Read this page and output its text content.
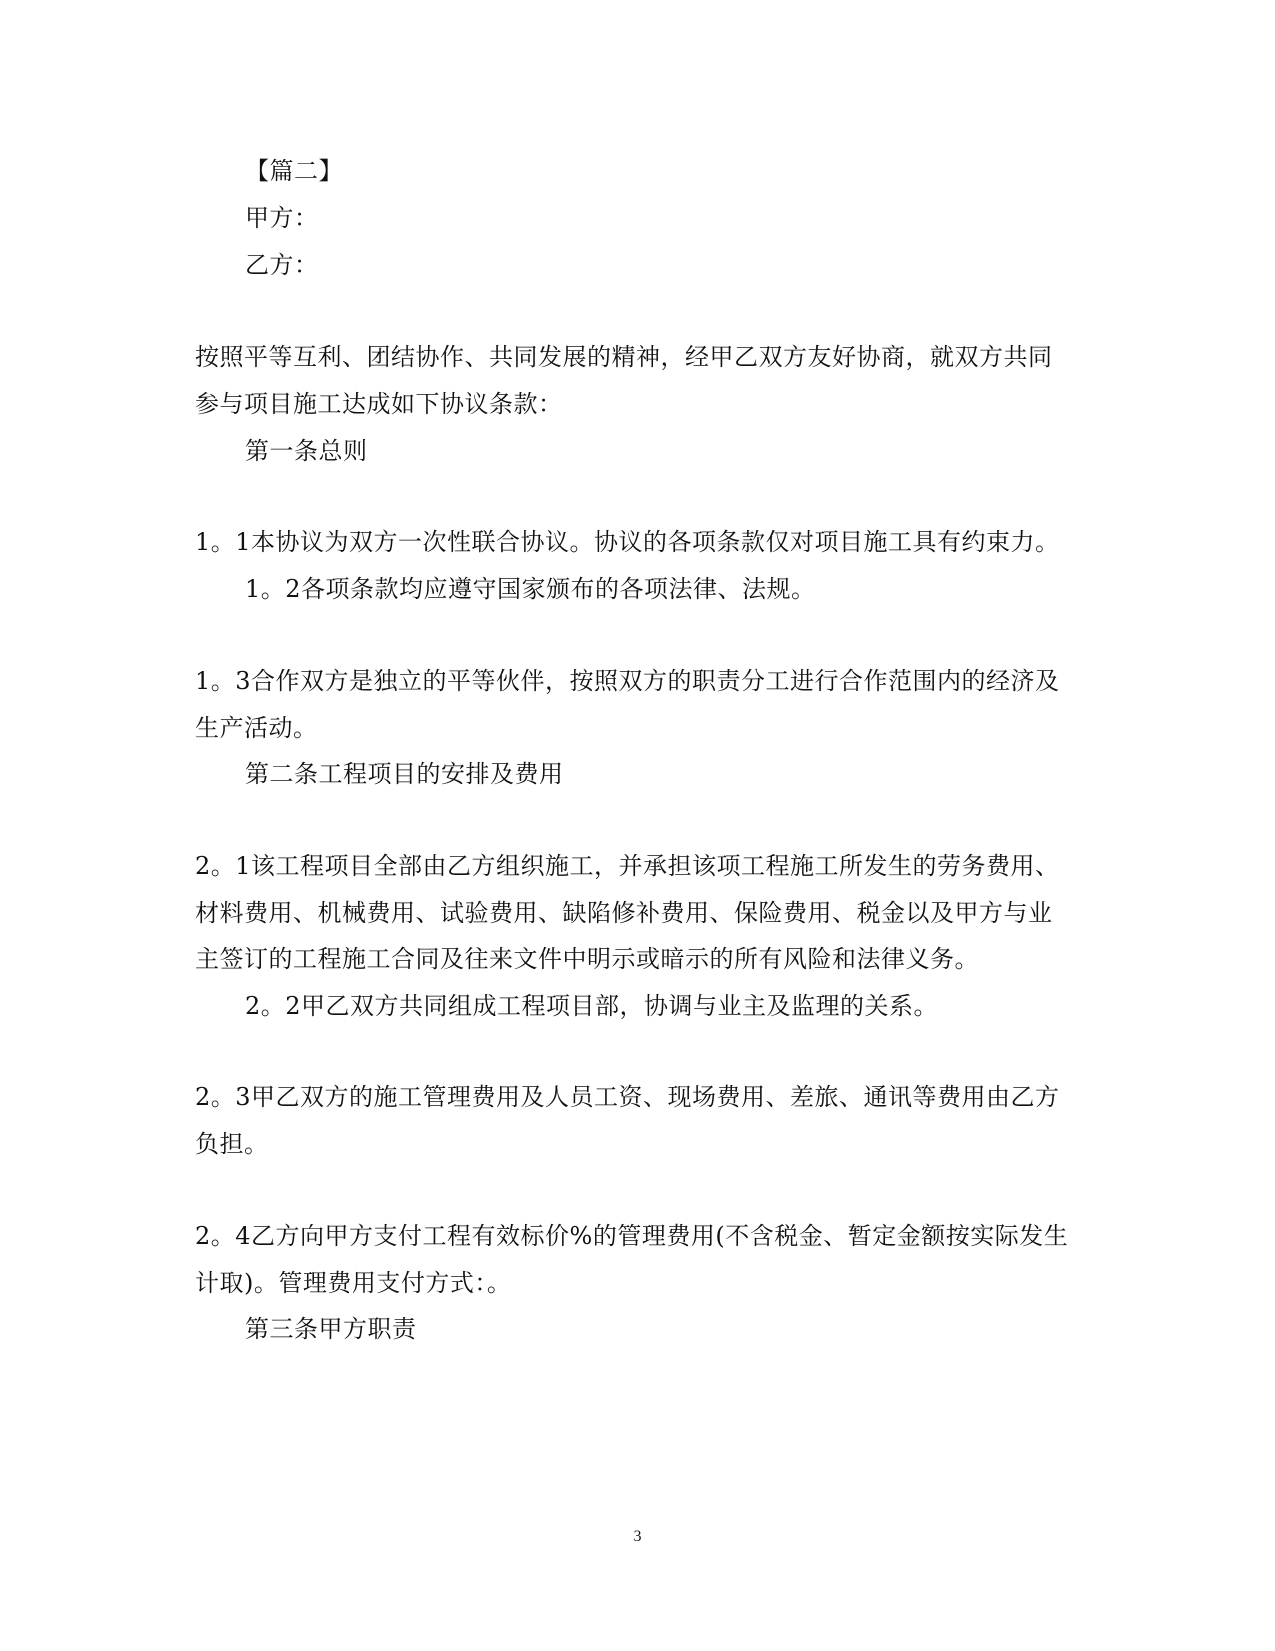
【篇二】
甲方：
乙方：
按照平等互利、团结协作、共同发展的精神，经甲乙双方友好协商，就双方共同
参与项目施工达成如下协议条款：
第一条总则
1。1本协议为双方一次性联合协议。协议的各项条款仅对项目施工具有约束力。
1。2各项条款均应遵守国家颁布的各项法律、法规。
1。3合作双方是独立的平等伙伴，按照双方的职责分工进行合作范围内的经济及
生产活动。
第二条工程项目的安排及费用
2。1该工程项目全部由乙方组织施工，并承担该项工程施工所发生的劳务费用、
材料费用、机械费用、试验费用、缺陷修补费用、保险费用、税金以及甲方与业
主签订的工程施工合同及往来文件中明示或暗示的所有风险和法律义务。
2。2甲乙双方共同组成工程项目部，协调与业主及监理的关系。
2。3甲乙双方的施工管理费用及人员工资、现场费用、差旅、通讯等费用由乙方
负担。
2。4乙方向甲方支付工程有效标价%的管理费用(不含税金、暂定金额按实际发生
计取)。管理费用支付方式：。
第三条甲方职责
3
